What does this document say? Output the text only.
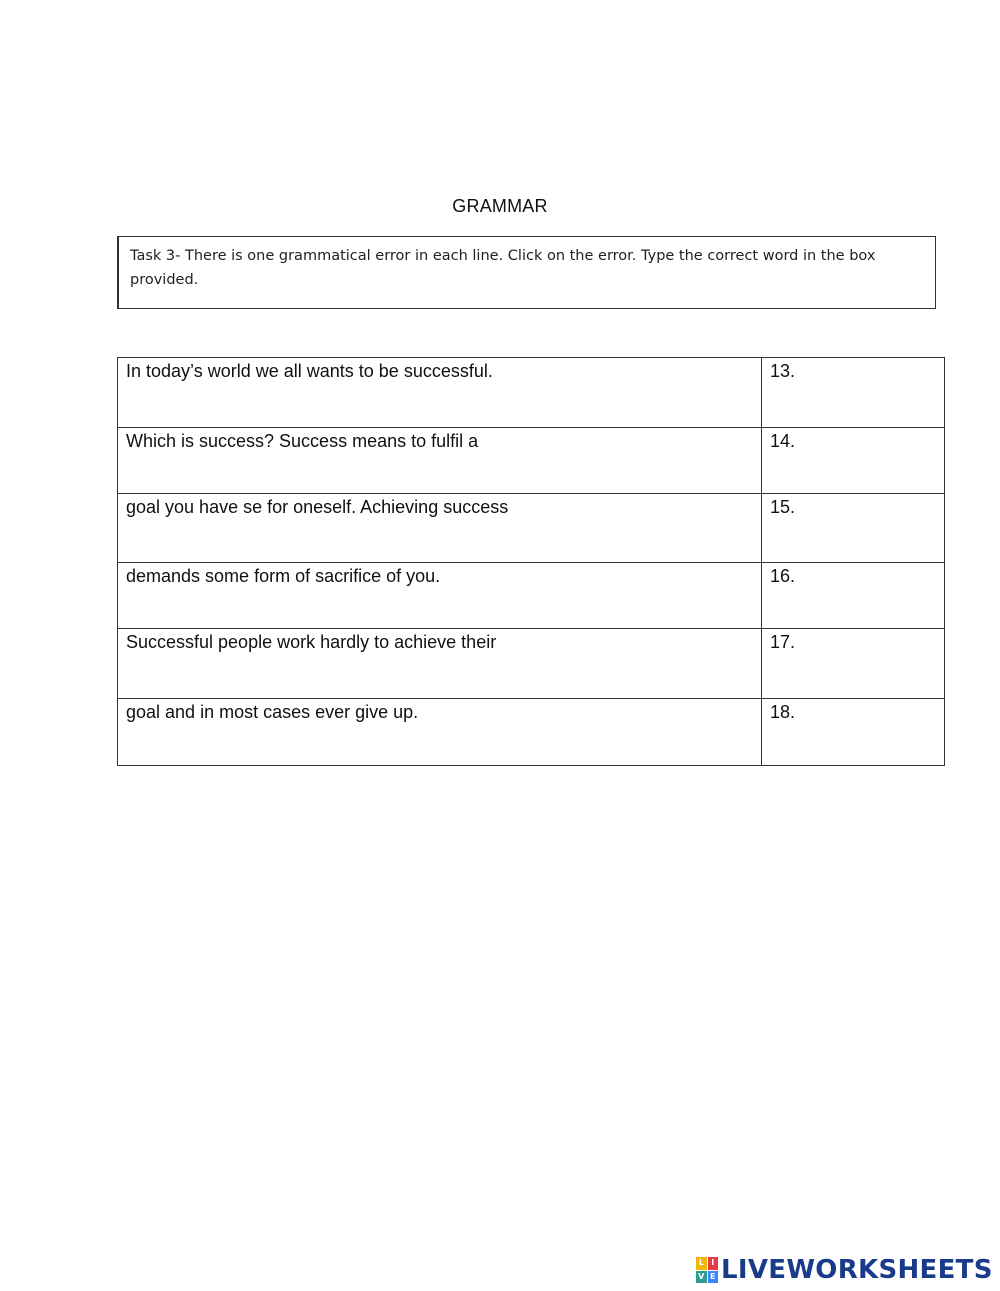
GRAMMAR
Task 3- There is one grammatical error in each line. Click on the error. Type the correct word in the box provided.
In today’s world we all wants to be successful.	13.
Which is success? Success means to fulfil a	14.
goal you have se for oneself. Achieving success	15.
demands some form of sacrifice of you.	16.
Successful people work hardly to achieve their	17.
goal and in most cases ever give up.	18.
L I
V E LIVEWORKSHEETS
